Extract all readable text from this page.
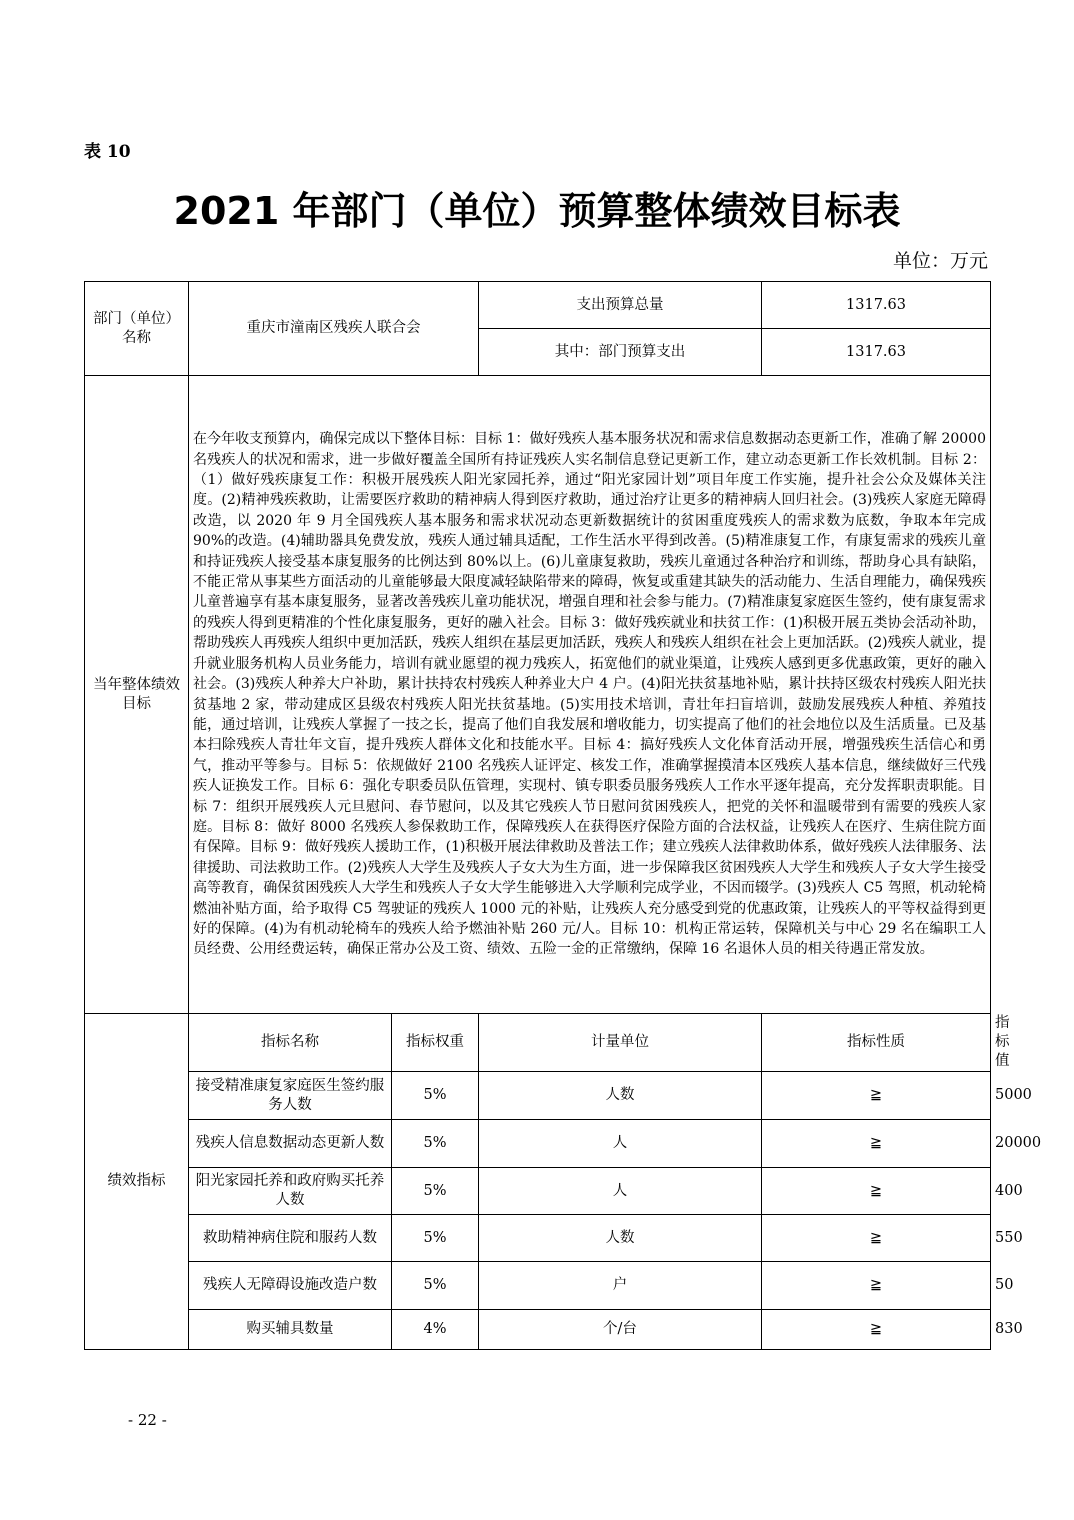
表 10
2021 年部门（单位）预算整体绩效目标表
单位：万元
部门（单位）名称	重庆市潼南区残疾人联合会		支出预算总量	1317.63	
			其中：部门预算支出	1317.63	
当年整体绩效目标	在今年收支预算内，确保完成以下整体目标：目标 1：做好残疾人基本服务状况和需求信息数据动态更新工作，准确了解 20000 名残疾人的状况和需求，进一步做好覆盖全国所有持证残疾人实名制信息登记更新工作，建立动态更新工作长效机制。目标 2：（1）做好残疾康复工作：积极开展残疾人阳光家园托养，通过“阳光家园计划”项目年度工作实施，提升社会公众及媒体关注度。(2)精神残疾救助，让需要医疗救助的精神病人得到医疗救助，通过治疗让更多的精神病人回归社会。(3)残疾人家庭无障碍改造，以 2020 年 9 月全国残疾人基本服务和需求状况动态更新数据统计的贫困重度残疾人的需求数为底数，争取本年完成 90%的改造。(4)辅助器具免费发放，残疾人通过辅具适配，工作生活水平得到改善。(5)精准康复工作，有康复需求的残疾儿童和持证残疾人接受基本康复服务的比例达到 80%以上。(6)儿童康复救助，残疾儿童通过各种治疗和训练，帮助身心具有缺陷，不能正常从事某些方面活动的儿童能够最大限度减轻缺陷带来的障碍，恢复或重建其缺失的活动能力、生活自理能力，确保残疾儿童普遍享有基本康复服务，显著改善残疾儿童功能状况，增强自理和社会参与能力。(7)精准康复家庭医生签约，使有康复需求的残疾人得到更精准的个性化康复服务，更好的融入社会。目标 3：做好残疾就业和扶贫工作：(1)积极开展五类协会活动补助，帮助残疾人再残疾人组织中更加活跃，残疾人组织在基层更加活跃，残疾人和残疾人组织在社会上更加活跃。(2)残疾人就业，提升就业服务机构人员业务能力，培训有就业愿望的视力残疾人，拓宽他们的就业渠道，让残疾人感到更多优惠政策，更好的融入社会。(3)残疾人种养大户补助，累计扶持农村残疾人种养业大户 4 户。(4)阳光扶贫基地补贴，累计扶持区级农村残疾人阳光扶贫基地 2 家，带动建成区县级农村残疾人阳光扶贫基地。(5)实用技术培训，青壮年扫盲培训，鼓励发展残疾人种植、养殖技能，通过培训，让残疾人掌握了一技之长，提高了他们自我发展和增收能力，切实提高了他们的社会地位以及生活质量。已及基本扫除残疾人青壮年文盲，提升残疾人群体文化和技能水平。目标 4：搞好残疾人文化体育活动开展，增强残疾生活信心和勇气，推动平等参与。目标 5：依规做好 2100 名残疾人证评定、核发工作，准确掌握摸清本区残疾人基本信息，继续做好三代残疾人证换发工作。目标 6：强化专职委员队伍管理，实现村、镇专职委员服务残疾人工作水平逐年提高，充分发挥职责职能。目标 7：组织开展残疾人元旦慰问、春节慰问，以及其它残疾人节日慰问贫困残疾人，把党的关怀和温暖带到有需要的残疾人家庭。目标 8：做好 8000 名残疾人参保救助工作，保障残疾人在获得医疗保险方面的合法权益，让残疾人在医疗、生病住院方面有保障。目标 9：做好残疾人援助工作，(1)积极开展法律救助及普法工作；建立残疾人法律救助体系，做好残疾人法律服务、法律援助、司法救助工作。(2)残疾人大学生及残疾人子女大为生方面，进一步保障我区贫困残疾人大学生和残疾人子女大学生接受高等教育，确保贫困残疾人大学生和残疾人子女大学生能够进入大学顺利完成学业，不因而辍学。(3)残疾人 C5 驾照，机动轮椅燃油补贴方面，给予取得 C5 驾驶证的残疾人 1000 元的补贴，让残疾人充分感受到党的优惠政策，让残疾人的平等权益得到更好的保障。(4)为有机动轮椅车的残疾人给予燃油补贴 260 元/人。目标 10：机构正常运转，保障机关与中心 29 名在编职工人员经费、公用经费运转，确保正常办公及工资、绩效、五险一金的正常缴纳，保障 16 名退休人员的相关待遇正常发放。				
绩效指标	指标名称	指标权重	计量单位	指标性质	指标值
	接受精准康复家庭医生签约服务人数	5%	人数	≧	5000
	残疾人信息数据动态更新人数	5%	人	≧	20000
	阳光家园托养和政府购买托养人数	5%	人	≧	400
	救助精神病住院和服药人数	5%	人数	≧	550
	残疾人无障碍设施改造户数	5%	户	≧	50
	购买辅具数量	4%	个/台	≧	830
- 22 -
